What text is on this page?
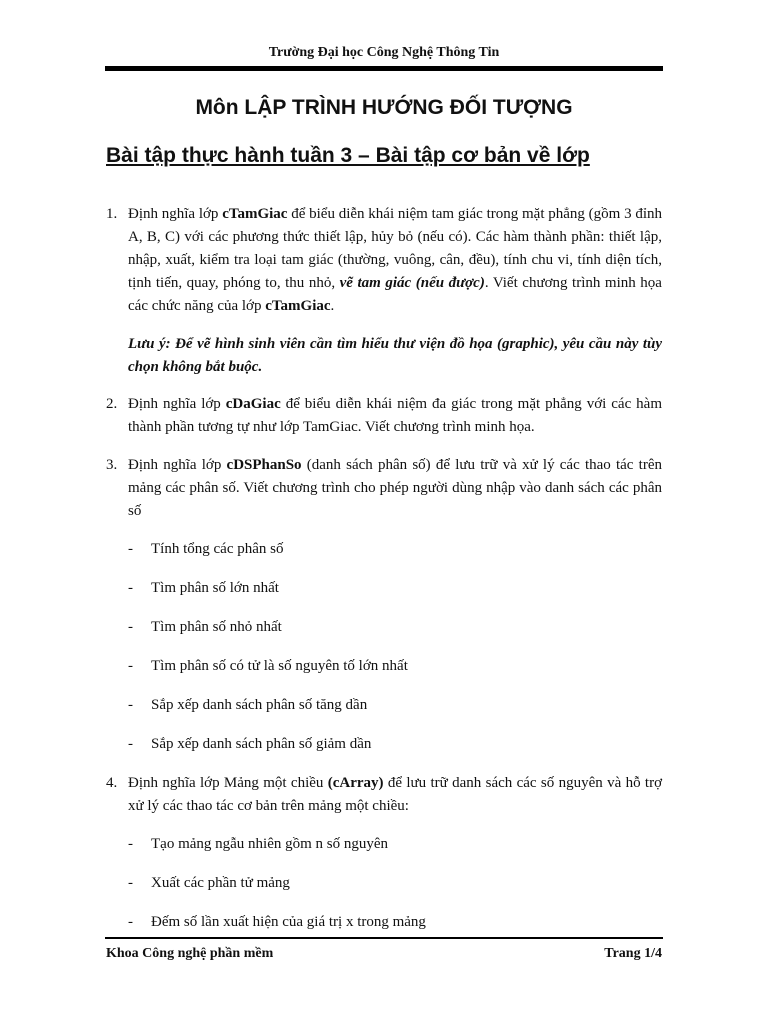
Trường Đại học Công Nghệ Thông Tin
Môn LẬP TRÌNH HƯỚNG ĐỐI TƯỢNG
Bài tập thực hành tuần 3 – Bài tập cơ bản về lớp
1. Định nghĩa lớp cTamGiac để biểu diễn khái niệm tam giác trong mặt phẳng (gồm 3 đỉnh A, B, C) với các phương thức thiết lập, hủy bỏ (nếu có). Các hàm thành phần: thiết lập, nhập, xuất, kiểm tra loại tam giác (thường, vuông, cân, đều), tính chu vi, tính diện tích, tịnh tiến, quay, phóng to, thu nhỏ, vẽ tam giác (nếu được). Viết chương trình minh họa các chức năng của lớp cTamGiac.
Lưu ý: Để vẽ hình sinh viên cần tìm hiểu thư viện đồ họa (graphic), yêu cầu này tùy chọn không bắt buộc.
2. Định nghĩa lớp cDaGiac để biểu diễn khái niệm đa giác trong mặt phẳng với các hàm thành phần tương tự như lớp TamGiac. Viết chương trình minh họa.
3. Định nghĩa lớp cDSPhanSo (danh sách phân số) để lưu trữ và xử lý các thao tác trên mảng các phân số. Viết chương trình cho phép người dùng nhập vào danh sách các phân số
- Tính tổng các phân số
- Tìm phân số lớn nhất
- Tìm phân số nhỏ nhất
- Tìm phân số có tử là số nguyên tố lớn nhất
- Sắp xếp danh sách phân số tăng dần
- Sắp xếp danh sách phân số giảm dần
4. Định nghĩa lớp Mảng một chiều (cArray) để lưu trữ danh sách các số nguyên và hỗ trợ xử lý các thao tác cơ bản trên mảng một chiều:
- Tạo mảng ngẫu nhiên gồm n số nguyên
- Xuất các phần tử mảng
- Đếm số lần xuất hiện của giá trị x trong mảng
Khoa Công nghệ phần mềm	Trang 1/4
